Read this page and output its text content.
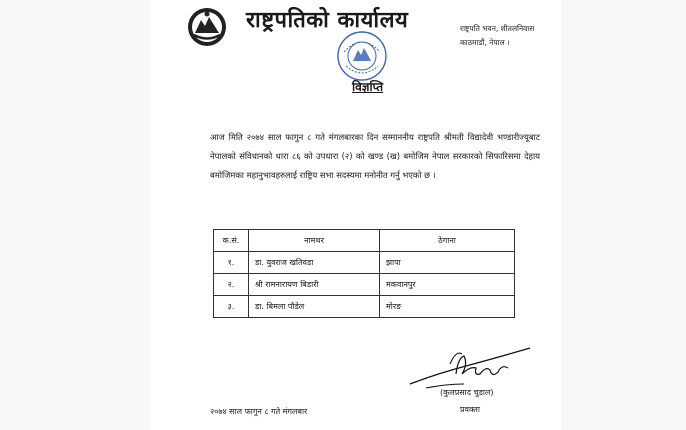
राष्ट्रपतिको कार्यालय	राष्ट्रपति भवन, शीतलनिवास
काठमाडौं, नेपाल ।
विज्ञप्ति
आज मिति २०७४ साल फागुन ८ गते मंगलबारका दिन सम्माननीय राष्ट्रपति श्रीमती विद्यादेवी भण्डारीज्यूबाट नेपालको संविधानको धारा ८६ को उपधारा (२) को खण्ड (ख) बमोजिम नेपाल सरकारको सिफारिसमा देहाय बमोजिमका महानुभावहरुलाई राष्ट्रिय सभा सदस्यमा मनोनीत गर्नु भएको छ ।
क.सं.	नामथर	ठेगाना
१.	डा. युवराज खतिवडा	झापा
२.	श्री रामनारायण बिडारी	मकवानपुर
३.	डा. बिमला पौडेल	मोरङ
(कुलप्रसाद चुडाल)
प्रवक्ता
२०७४ साल फागुन ८ गते मंगलबार
